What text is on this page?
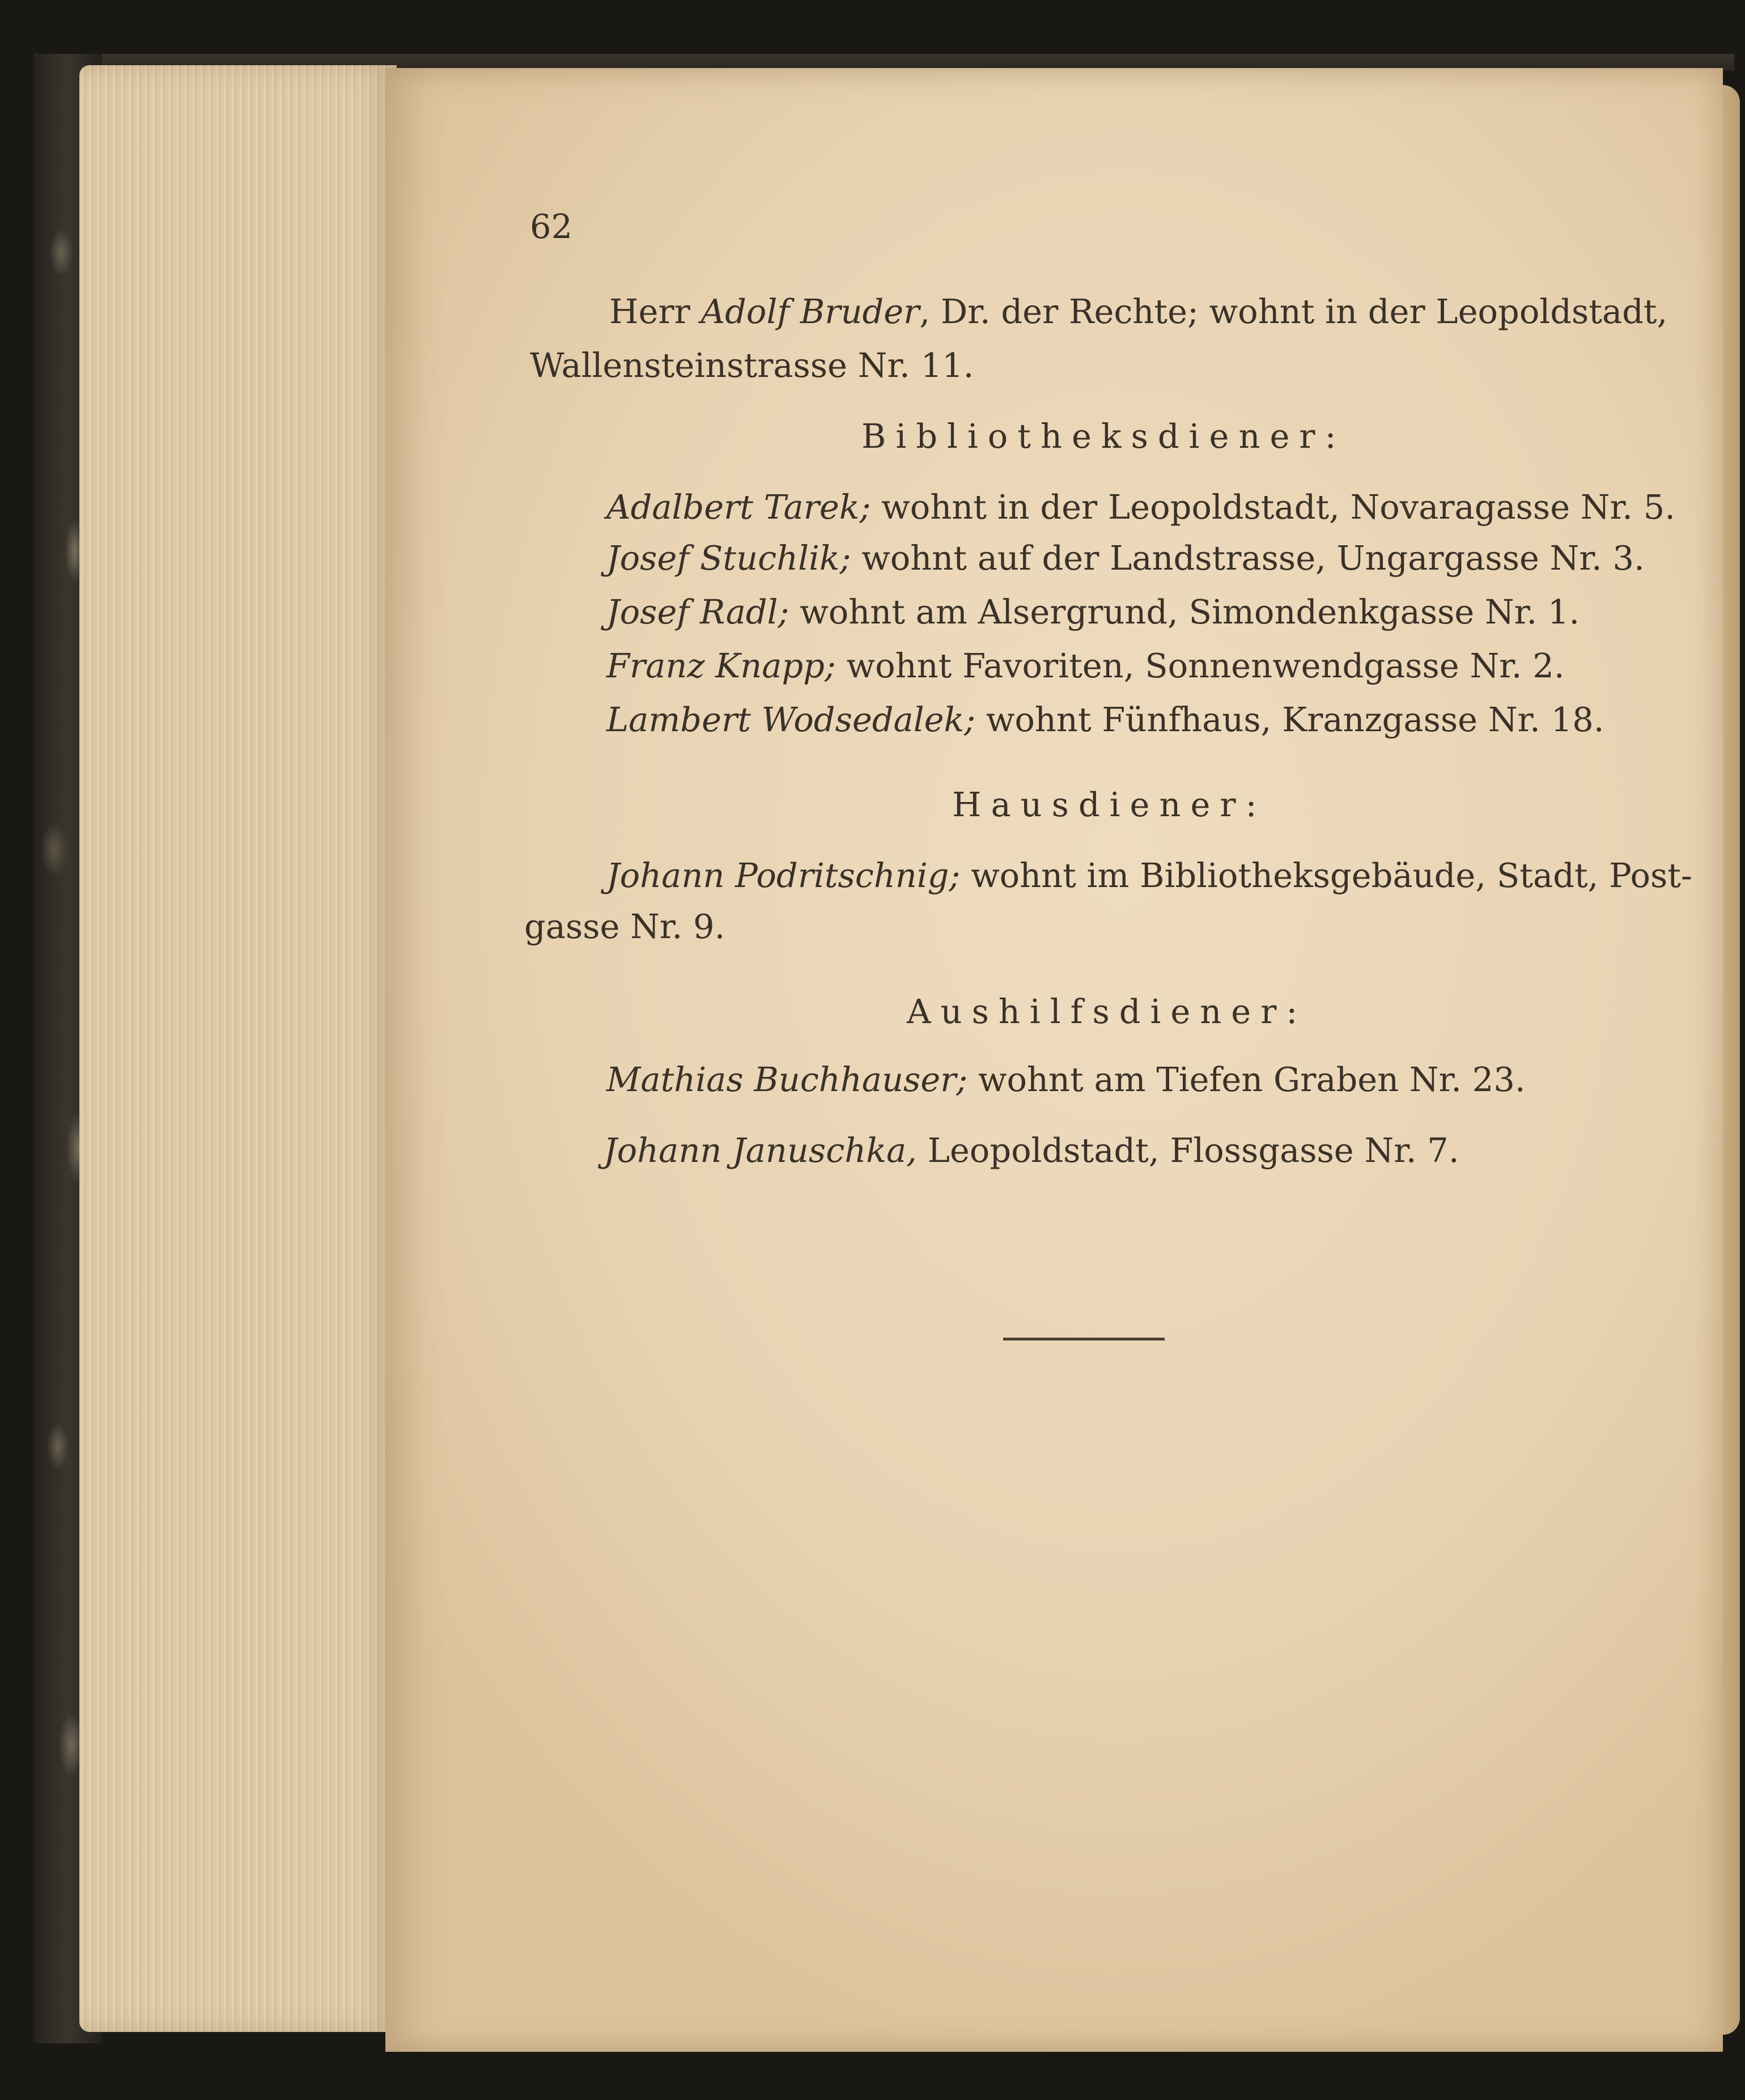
62
Herr Adolf Bruder, Dr. der Rechte; wohnt in der Leopoldstadt,
Wallensteinstrasse Nr. 11.
Bibliotheksdiener:
Adalbert Tarek; wohnt in der Leopoldstadt, Novaragasse Nr. 5.
Josef Stuchlik; wohnt auf der Landstrasse, Ungargasse Nr. 3.
Josef Radl; wohnt am Alsergrund, Simondenkgasse Nr. 1.
Franz Knapp; wohnt Favoriten, Sonnenwendgasse Nr. 2.
Lambert Wodsedalek; wohnt Fünfhaus, Kranzgasse Nr. 18.
Hausdiener:
Johann Podritschnig; wohnt im Bibliotheksgebäude, Stadt, Post-
gasse Nr. 9.
Aushilfsdiener:
Mathias Buchhauser; wohnt am Tiefen Graben Nr. 23.
Johann Januschka, Leopoldstadt, Flossgasse Nr. 7.
